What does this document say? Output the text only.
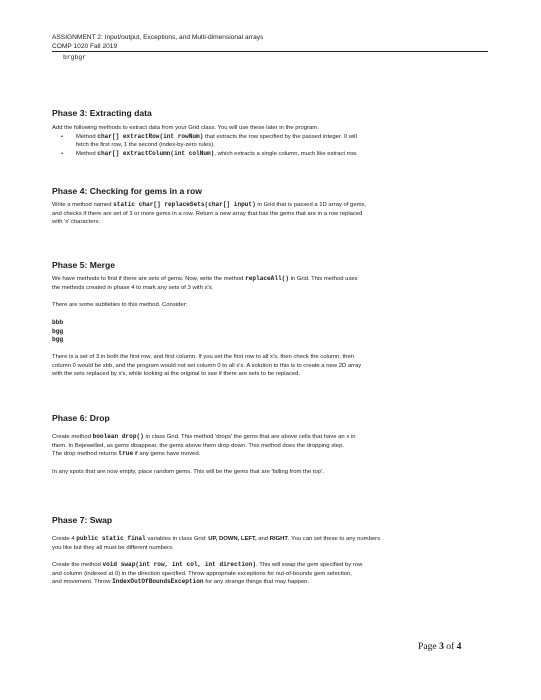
ASSIGNMENT 2: Input/output, Exceptions, and Multi-dimensional arrays
COMP 1020 Fall 2019
brgbgr

Phase 3: Extracting data

Add the following methods to extract data from your Grid class. You will use these later in the program.

• Method char[] extractRow(int rowNum) that extracts the row specified by the passed integer. 0 will
fetch the first row, 1 the second (index-by-zero rules).
• Method char[] extractColumn(int colNum), which extracts a single column, much like extract row.

Phase 4: Checking for gems in a row

Write a method named static char[] replaceSets(char[] input) in Grid that is passed a 1D array of gems,
and checks if there are set of 3 or more gems in a row. Return a new array that has the gems that are in a row replaced
with 'x' characters.

Phase 5: Merge

We have methods to find if there are sets of gems. Now, write the method replaceAll() in Grid. This method uses
the methods created in phase 4 to mark any sets of 3 with x's.

There are some subtleties to this method. Consider:

bbb
bgg
bgg

There is a set of 3 in both the first row, and first column. If you set the first row to all x's, then check the column, then
column 0 would be xbb, and the program would not set column 0 to all x's. A solution to this is to create a new 2D array
with the sets replaced by x's, while looking at the original to see if there are sets to be replaced.

Phase 6: Drop

Create method boolean drop() in class Grid. This method 'drops' the gems that are above cells that have an x in
them. In Bejewelled, as gems disappear, the gems above them drop down. This method does the dropping step.
The drop method returns true if any gems have moved.

In any spots that are now empty, place random gems. This will be the gems that are 'falling from the top'.

Phase 7: Swap

Create 4 public static final variables in class Grid: UP, DOWN, LEFT, and RIGHT. You can set these to any numbers
you like but they all must be different numbers.

Create the method void swap(int row, int col, int direction). This will swap the gem specified by row
and column (indexed at 0) in the direction specified. Throw appropriate exceptions for out-of-bounds gem selection,
and movement. Throw IndexOutOfBoundsException for any strange things that may happen.

Page 3 of 4
